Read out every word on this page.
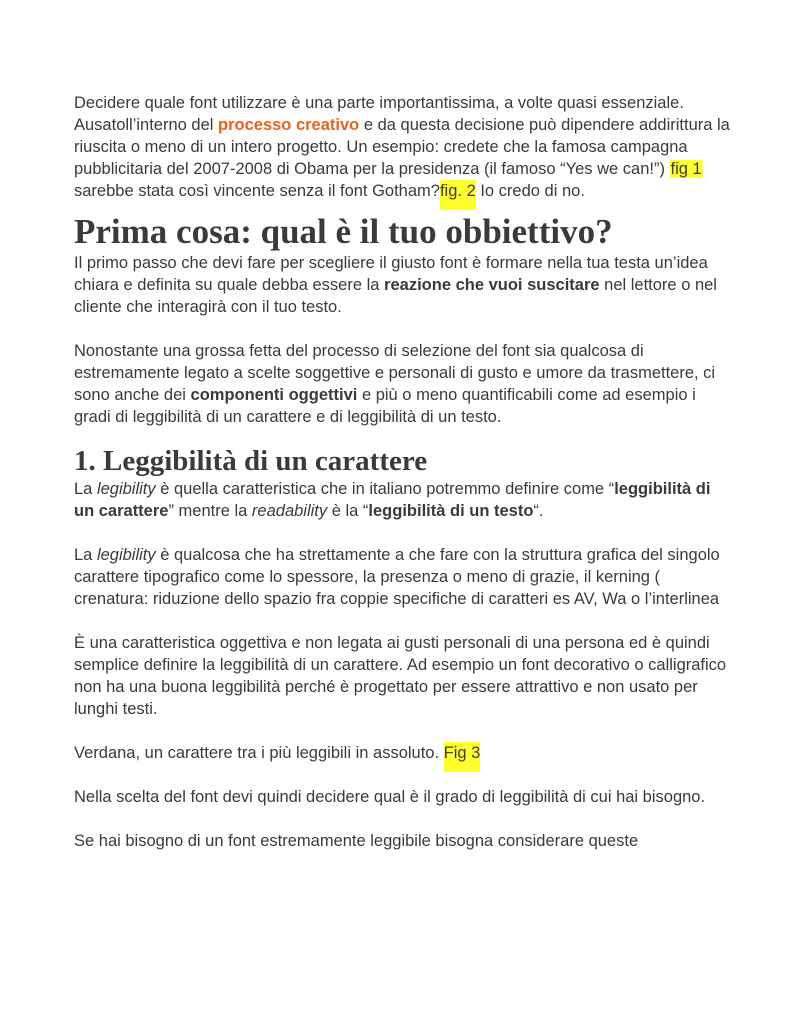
Decidere quale font utilizzare è una parte importantissima, a volte quasi essenziale. Ausatoll’interno del processo creativo e da questa decisione può dipendere addirittura la riuscita o meno di un intero progetto. Un esempio: credete che la famosa campagna pubblicitaria del 2007-2008 di Obama per la presidenza (il famoso “Yes we can!”) fig 1 sarebbe stata così vincente senza il font Gotham?fig. 2 Io credo di no.

Prima cosa: qual è il tuo obbiettivo?

Il primo passo che devi fare per scegliere il giusto font è formare nella tua testa un’idea chiara e definita su quale debba essere la reazione che vuoi suscitare nel lettore o nel cliente che interagirà con il tuo testo.

Nonostante una grossa fetta del processo di selezione del font sia qualcosa di estremamente legato a scelte soggettive e personali di gusto e umore da trasmettere, ci sono anche dei componenti oggettivi e più o meno quantificabili come ad esempio i gradi di leggibilità di un carattere e di leggibilità di un testo.

1. Leggibilità di un carattere

La legibility è quella caratteristica che in italiano potremmo definire come “leggibilità di un carattere” mentre la readability è la “leggibilità di un testo“.

La legibility è qualcosa che ha strettamente a che fare con la struttura grafica del singolo carattere tipografico come lo spessore, la presenza o meno di grazie, il kerning ( crenatura: riduzione dello spazio fra coppie specifiche di caratteri es AV, Wa o l’interlinea

È una caratteristica oggettiva e non legata ai gusti personali di una persona ed è quindi semplice definire la leggibilità di un carattere. Ad esempio un font decorativo o calligrafico non ha una buona leggibilità perché è progettato per essere attrattivo e non usato per lunghi testi.

Verdana, un carattere tra i più leggibili in assoluto. Fig 3

Nella scelta del font devi quindi decidere qual è il grado di leggibilità di cui hai bisogno.

Se hai bisogno di un font estremamente leggibile bisogna considerare queste
